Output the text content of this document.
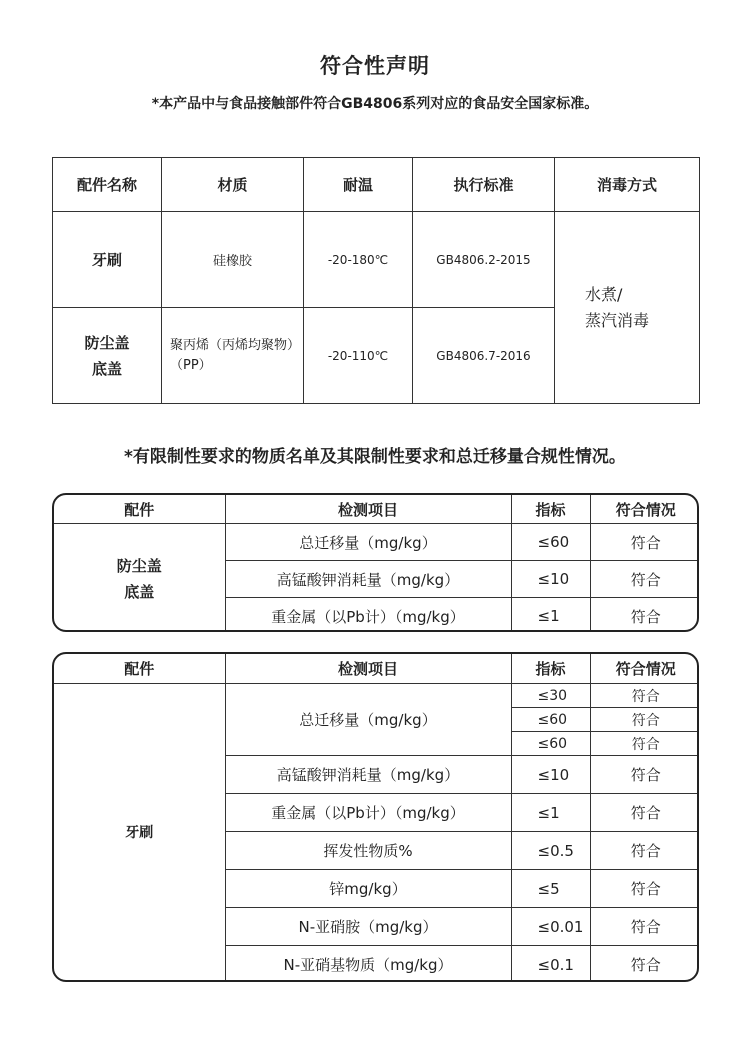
符合性声明
*本产品中与食品接触部件符合GB4806系列对应的食品安全国家标准。
配件名称	材质	耐温	执行标准	消毒方式

牙刷	硅橡胶	-20-180℃	GB4806.2-2015	水煮/
蒸汽消毒

防尘盖
底盖	聚丙烯（丙烯均聚物）（PP）	-20-110℃	GB4806.7-2016	
*有限制性要求的物质名单及其限制性要求和总迁移量合规性情况。
配件	检测项目	指标	符合情况

防尘盖
底盖	总迁移量（mg/kg）	≤60	符合
	高锰酸钾消耗量（mg/kg）	≤10	符合
	重金属（以Pb计）（mg/kg）	≤1	符合
配件	检测项目	指标	符合情况
牙刷	总迁移量（mg/kg）	≤30	符合
		≤60	符合
		≤60	符合
	高锰酸钾消耗量（mg/kg）	≤10	符合
	重金属（以Pb计）（mg/kg）	≤1	符合
	挥发性物质%	≤0.5	符合
	锌mg/kg）	≤5	符合
	N-亚硝胺（mg/kg）	≤0.01	符合
	N-亚硝基物质（mg/kg）	≤0.1	符合
